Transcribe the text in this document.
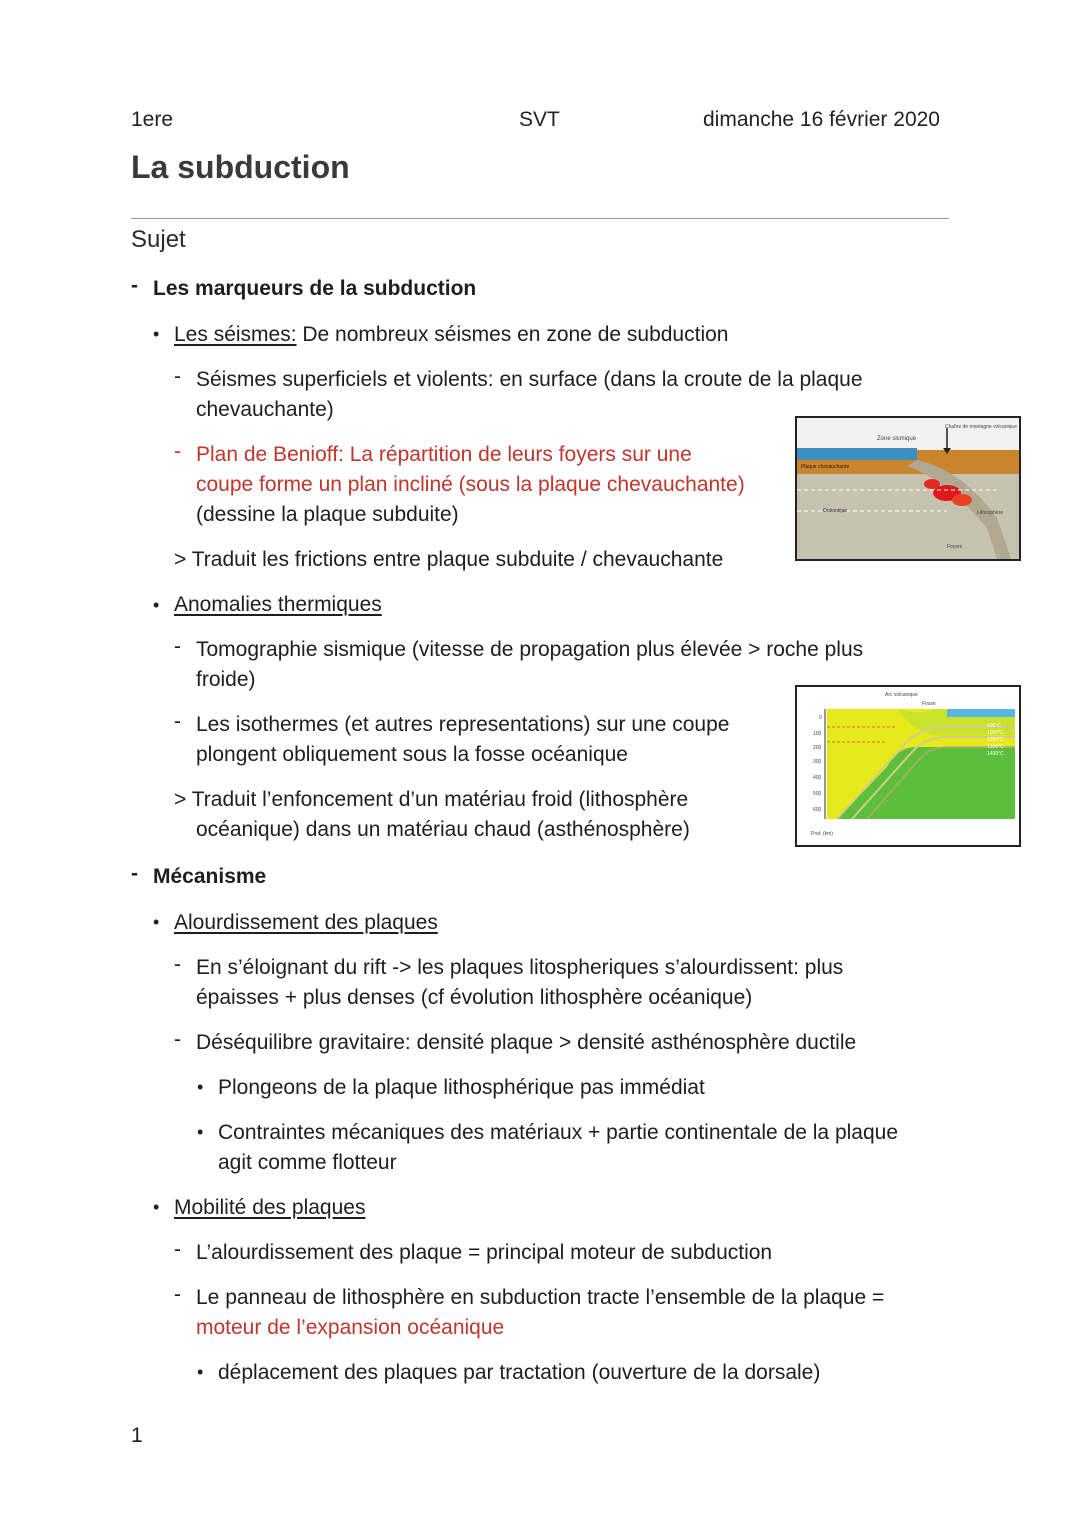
1ere	SVT	dimanche 16 février 2020
La subduction
Sujet
- Les marqueurs de la subduction
• Les séismes: De nombreux séismes en zone de subduction
- Séismes superficiels et violents: en surface (dans la croute de la plaque
chevauchante)
- Plan de Benioff: La répartition de leurs foyers sur une
coupe forme un plan incliné (sous la plaque chevauchante)
(dessine la plaque subduite)
> Traduit les frictions entre plaque subduite / chevauchante
Zone sismique
Chaîne de montagne volcanique
Plaque chevauchante
Océanique
Foyers
Lithosphère
• Anomalies thermiques
- Tomographie sismique (vitesse de propagation plus élevée > roche plus
froide)
- Les isothermes (et autres representations) sur une coupe
plongent obliquement sous la fosse océanique
> Traduit l’enfoncement d’un matériau froid (lithosphère
océanique) dans un matériau chaud (asthénosphère)
Arc volcanique
Fosse
600°C
1000°C
1200°C
1300°C
1400°C
Prof. (km)
0
100
200
300
400
500
600
- Mécanisme
• Alourdissement des plaques
- En s’éloignant du rift -> les plaques litospheriques s’alourdissent: plus
épaisses + plus denses (cf évolution lithosphère océanique)
- Déséquilibre gravitaire: densité plaque > densité asthénosphère ductile
• Plongeons de la plaque lithosphérique pas immédiat
• Contraintes mécaniques des matériaux + partie continentale de la plaque
agit comme flotteur
• Mobilité des plaques
- L’alourdissement des plaque = principal moteur de subduction
- Le panneau de lithosphère en subduction tracte l’ensemble de la plaque =
moteur de l’expansion océanique
• déplacement des plaques par tractation (ouverture de la dorsale)
1
